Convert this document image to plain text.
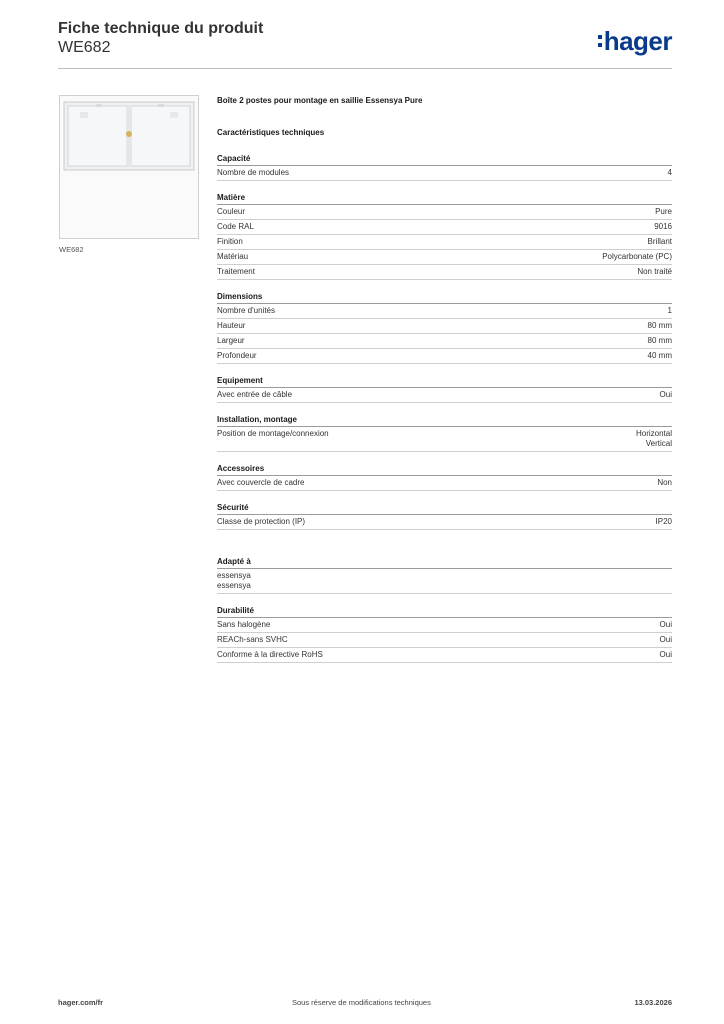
Fiche technique du produit
WE682	hager
WE682
Boîte 2 postes pour montage en saillie Essensya Pure
Caractéristiques techniques
Capacité
Nombre de modules	4
Matière
Couleur	Pure
Code RAL	9016
Finition	Brillant
Matériau	Polycarbonate (PC)
Traitement	Non traité
Dimensions
Nombre d'unités	1
Hauteur	80 mm
Largeur	80 mm
Profondeur	40 mm
Equipement
Avec entrée de câble	Oui
Installation, montage
Position de montage/connexion	Horizontal
Vertical
Accessoires
Avec couvercle de cadre	Non
Sécurité
Classe de protection (IP)	IP20
Adapté à
essensya
essensya
Durabilité
Sans halogène	Oui
REACh-sans SVHC	Oui
Conforme à la directive RoHS	Oui
hager.com/fr	Sous réserve de modifications techniques	13.03.2026
